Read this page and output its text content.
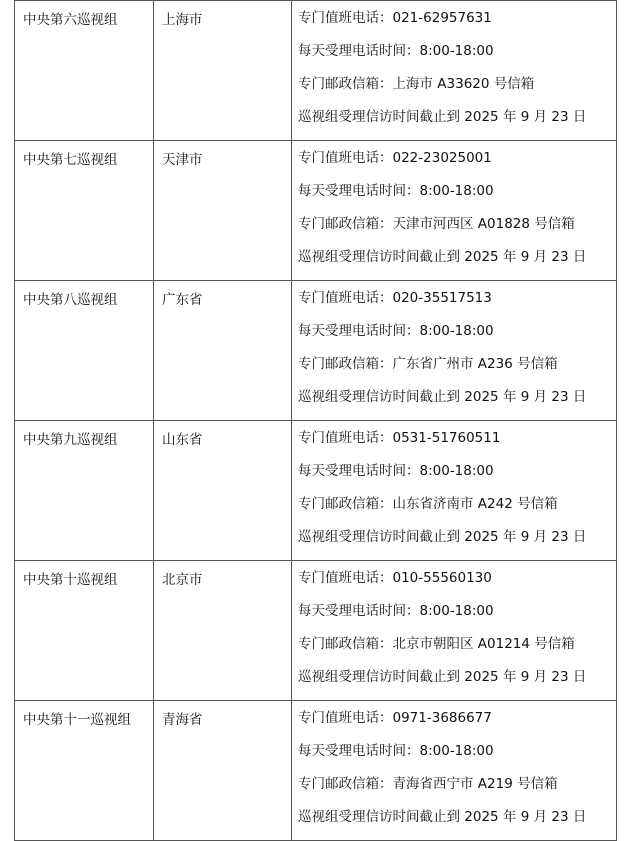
中央第六巡视组	上海市	专门值班电话：021-62957631
每天受理电话时间：8:00-18:00
专门邮政信箱：上海市 A33620 号信箱
巡视组受理信访时间截止到 2025 年 9 月 23 日

中央第七巡视组	天津市	专门值班电话：022-23025001
每天受理电话时间：8:00-18:00
专门邮政信箱：天津市河西区 A01828 号信箱
巡视组受理信访时间截止到 2025 年 9 月 23 日

中央第八巡视组	广东省	专门值班电话：020-35517513
每天受理电话时间：8:00-18:00
专门邮政信箱：广东省广州市 A236 号信箱
巡视组受理信访时间截止到 2025 年 9 月 23 日

中央第九巡视组	山东省	专门值班电话：0531-51760511
每天受理电话时间：8:00-18:00
专门邮政信箱：山东省济南市 A242 号信箱
巡视组受理信访时间截止到 2025 年 9 月 23 日

中央第十巡视组	北京市	专门值班电话：010-55560130
每天受理电话时间：8:00-18:00
专门邮政信箱：北京市朝阳区 A01214 号信箱
巡视组受理信访时间截止到 2025 年 9 月 23 日

中央第十一巡视组	青海省	专门值班电话：0971-3686677
每天受理电话时间：8:00-18:00
专门邮政信箱：青海省西宁市 A219 号信箱
巡视组受理信访时间截止到 2025 年 9 月 23 日
